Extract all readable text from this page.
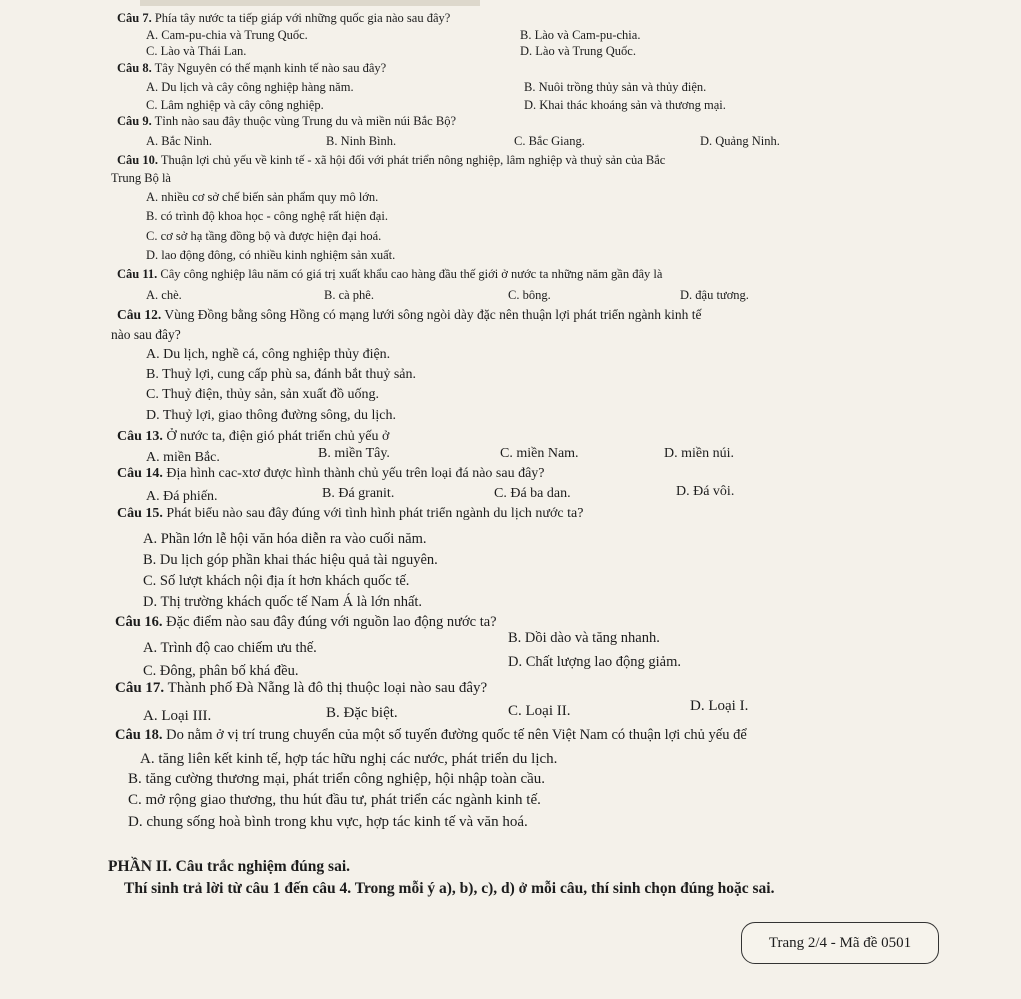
Câu 7. Phía tây nước ta tiếp giáp với những quốc gia nào sau đây?
A. Cam-pu-chia và Trung Quốc.	B. Lào và Cam-pu-chia.
C. Lào và Thái Lan.	D. Lào và Trung Quốc.
Câu 8. Tây Nguyên có thế mạnh kinh tế nào sau đây?
A. Du lịch và cây công nghiệp hàng năm.	B. Nuôi trồng thủy sản và thủy điện.
C. Lâm nghiệp và cây công nghiệp.	D. Khai thác khoáng sản và thương mại.
Câu 9. Tỉnh nào sau đây thuộc vùng Trung du và miền núi Bắc Bộ?
A. Bắc Ninh.	B. Ninh Bình.	C. Bắc Giang.	D. Quảng Ninh.
Câu 10. Thuận lợi chủ yếu về kinh tế - xã hội đối với phát triển nông nghiệp, lâm nghiệp và thuỷ sản của Bắc
Trung Bộ là
A. nhiều cơ sở chế biến sản phẩm quy mô lớn.
B. có trình độ khoa học - công nghệ rất hiện đại.
C. cơ sở hạ tầng đồng bộ và được hiện đại hoá.
D. lao động đông, có nhiều kinh nghiệm sản xuất.
Câu 11. Cây công nghiệp lâu năm có giá trị xuất khẩu cao hàng đầu thế giới ở nước ta những năm gần đây là
A. chè.	B. cà phê.	C. bông.	D. đậu tương.
Câu 12. Vùng Đồng bằng sông Hồng có mạng lưới sông ngòi dày đặc nên thuận lợi phát triển ngành kinh tế
nào sau đây?
A. Du lịch, nghề cá, công nghiệp thủy điện.
B. Thuỷ lợi, cung cấp phù sa, đánh bắt thuỷ sản.
C. Thuỷ điện, thủy sản, sản xuất đồ uống.
D. Thuỷ lợi, giao thông đường sông, du lịch.
Câu 13. Ở nước ta, điện gió phát triển chủ yếu ở
A. miền Bắc.	B. miền Tây.	C. miền Nam.	D. miền núi.
Câu 14. Địa hình cac-xtơ được hình thành chủ yếu trên loại đá nào sau đây?
A. Đá phiến.	B. Đá granit.	C. Đá ba dan.	D. Đá vôi.
Câu 15. Phát biểu nào sau đây đúng với tình hình phát triển ngành du lịch nước ta?
A. Phần lớn lễ hội văn hóa diễn ra vào cuối năm.
B. Du lịch góp phần khai thác hiệu quả tài nguyên.
C. Số lượt khách nội địa ít hơn khách quốc tế.
D. Thị trường khách quốc tế Nam Á là lớn nhất.
Câu 16. Đặc điểm nào sau đây đúng với nguồn lao động nước ta?
A. Trình độ cao chiếm ưu thế.
B. Dồi dào và tăng nhanh.
C. Đông, phân bố khá đều.
D. Chất lượng lao động giảm.
Câu 17. Thành phố Đà Nẵng là đô thị thuộc loại nào sau đây?
A. Loại III.	B. Đặc biệt.	C. Loại II.	D. Loại I.
Câu 18. Do nằm ở vị trí trung chuyển của một số tuyến đường quốc tế nên Việt Nam có thuận lợi chủ yếu để
A. tăng liên kết kinh tế, hợp tác hữu nghị các nước, phát triển du lịch.
B. tăng cường thương mại, phát triển công nghiệp, hội nhập toàn cầu.
C. mở rộng giao thương, thu hút đầu tư, phát triển các ngành kinh tế.
D. chung sống hoà bình trong khu vực, hợp tác kinh tế và văn hoá.
PHẦN II. Câu trắc nghiệm đúng sai.
Thí sinh trả lời từ câu 1 đến câu 4. Trong mỗi ý a), b), c), d) ở mỗi câu, thí sinh chọn đúng hoặc sai.
Trang 2/4 - Mã đề 0501
